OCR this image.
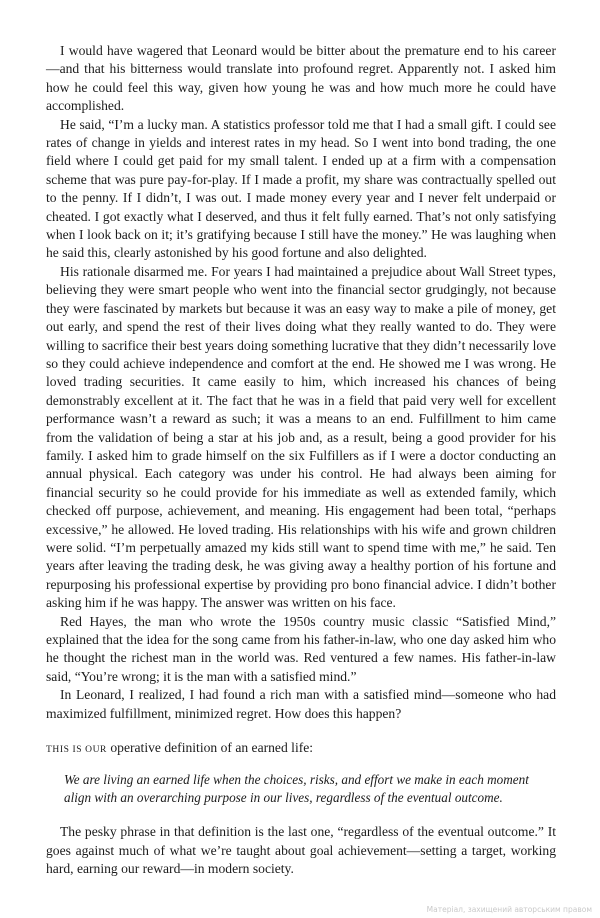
I would have wagered that Leonard would be bitter about the premature end to his career—and that his bitterness would translate into profound regret. Apparently not. I asked him how he could feel this way, given how young he was and how much more he could have accomplished.

He said, “I’m a lucky man. A statistics professor told me that I had a small gift. I could see rates of change in yields and interest rates in my head. So I went into bond trading, the one field where I could get paid for my small talent. I ended up at a firm with a compensation scheme that was pure pay-for-play. If I made a profit, my share was contractually spelled out to the penny. If I didn’t, I was out. I made money every year and I never felt underpaid or cheated. I got exactly what I deserved, and thus it felt fully earned. That’s not only satisfying when I look back on it; it’s gratifying because I still have the money.” He was laughing when he said this, clearly astonished by his good fortune and also delighted.

His rationale disarmed me. For years I had maintained a prejudice about Wall Street types, believing they were smart people who went into the financial sector grudgingly, not because they were fascinated by markets but because it was an easy way to make a pile of money, get out early, and spend the rest of their lives doing what they really wanted to do. They were willing to sacrifice their best years doing something lucrative that they didn’t necessarily love so they could achieve independence and comfort at the end. He showed me I was wrong. He loved trading securities. It came easily to him, which increased his chances of being demonstrably excellent at it. The fact that he was in a field that paid very well for excellent performance wasn’t a reward as such; it was a means to an end. Fulfillment to him came from the validation of being a star at his job and, as a result, being a good provider for his family. I asked him to grade himself on the six Fulfillers as if I were a doctor conducting an annual physical. Each category was under his control. He had always been aiming for financial security so he could provide for his immediate as well as extended family, which checked off purpose, achievement, and meaning. His engagement had been total, “perhaps excessive,” he allowed. He loved trading. His relationships with his wife and grown children were solid. “I’m perpetually amazed my kids still want to spend time with me,” he said. Ten years after leaving the trading desk, he was giving away a healthy portion of his fortune and repurposing his professional expertise by providing pro bono financial advice. I didn’t bother asking him if he was happy. The answer was written on his face.

Red Hayes, the man who wrote the 1950s country music classic “Satisfied Mind,” explained that the idea for the song came from his father-in-law, who one day asked him who he thought the richest man in the world was. Red ventured a few names. His father-in-law said, “You’re wrong; it is the man with a satisfied mind.”

In Leonard, I realized, I had found a rich man with a satisfied mind—someone who had maximized fulfillment, minimized regret. How does this happen?

THIS IS OUR operative definition of an earned life:

We are living an earned life when the choices, risks, and effort we make in each moment align with an overarching purpose in our lives, regardless of the eventual outcome.

The pesky phrase in that definition is the last one, “regardless of the eventual outcome.” It goes against much of what we’re taught about goal achievement—setting a target, working hard, earning our reward—in modern society.

Матеріал, захищений авторським правом
